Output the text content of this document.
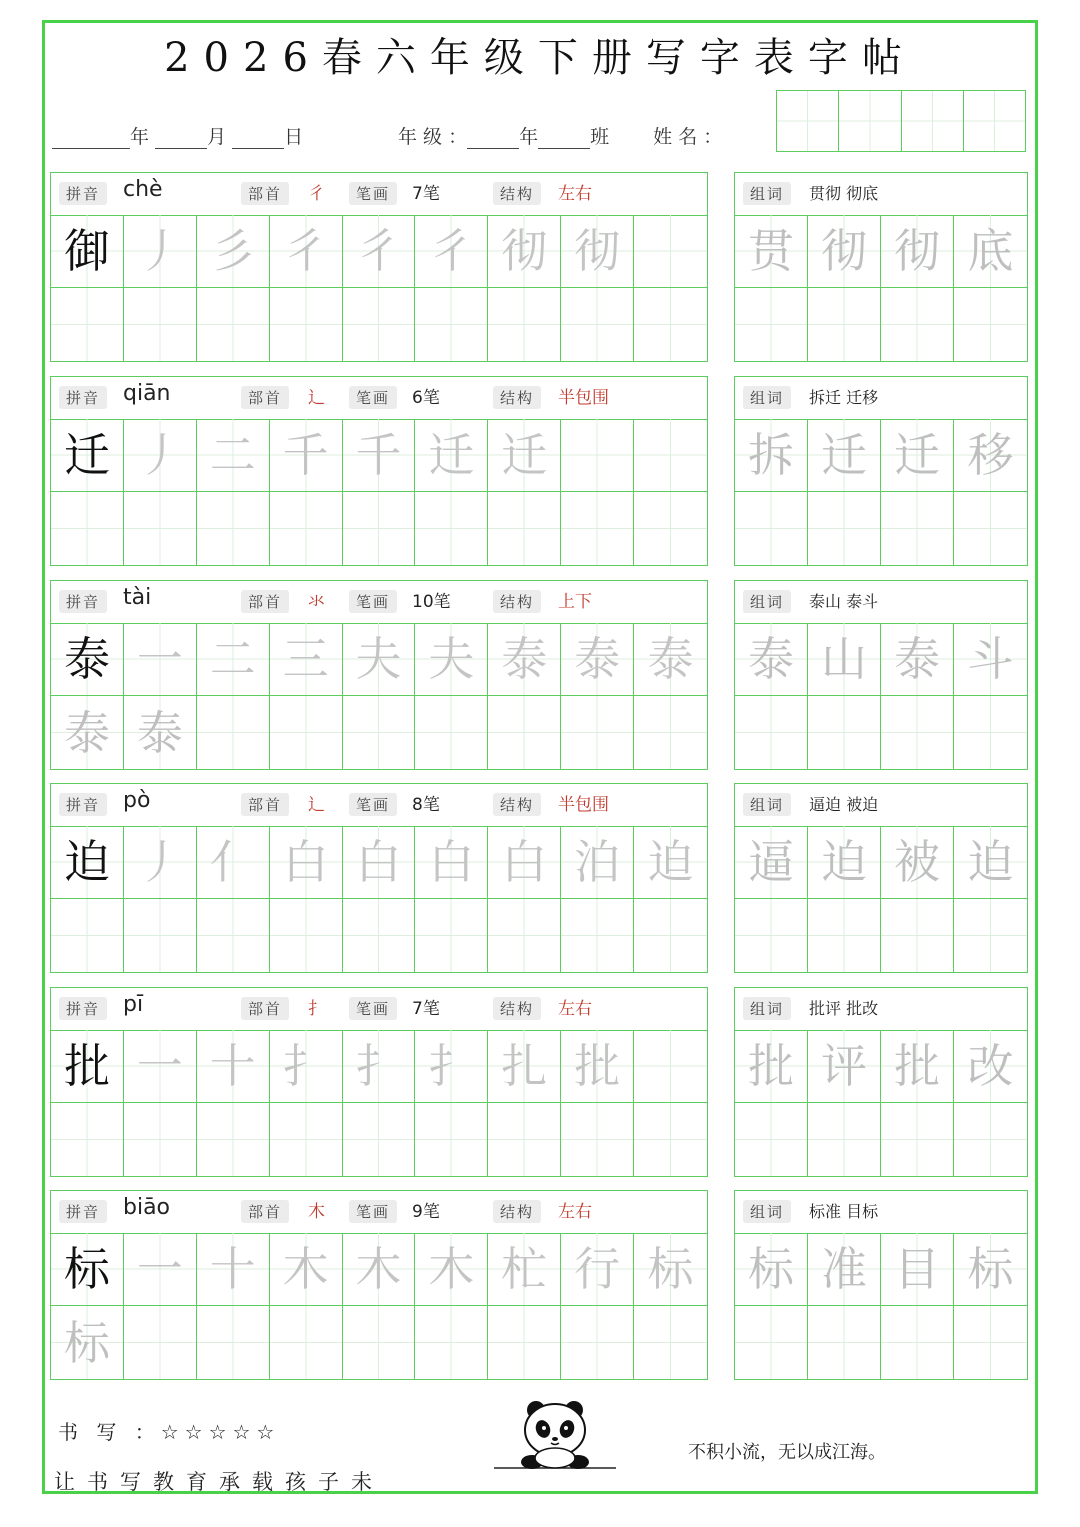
2026春六年级下册写字表字帖
年	月	日	年 级 ：	年	班 姓 名 ：
拼音	chè	部首	彳	笔画	7笔	结构	左右
御 丿 彡 彳 彳 彳 彻 彻
组词	贯彻 彻底
贯 彻 彻 底
拼音	qiān	部首	辶	笔画	6笔	结构	半包围
迁 丿 二 千 千 迁 迁
组词	拆迁 迁移
拆 迁 迁 移
拼音	tài	部首	氺	笔画	10笔	结构	上下
泰 一 二 三 夫 夫 泰 泰 泰
泰 泰
组词	泰山 泰斗
泰 山 泰 斗
拼音	pò	部首	辶	笔画	8笔	结构	半包围
迫 丿 亻 白 白 白 白 泊 迫
组词	逼迫 被迫
逼 迫 被 迫
拼音	pī	部首	扌	笔画	7笔	结构	左右
批 一 十 扌 扌 扌 扎 批
组词	批评 批改
批 评 批 改
拼音	biāo	部首	木	笔画	9笔	结构	左右
标 一 十 木 木 木 杧 行 标
标
组词	标准 目标
标 准 目 标
书 写 ：☆☆☆☆☆
让书写教育承载孩子未
不积小流，无以成江海。
